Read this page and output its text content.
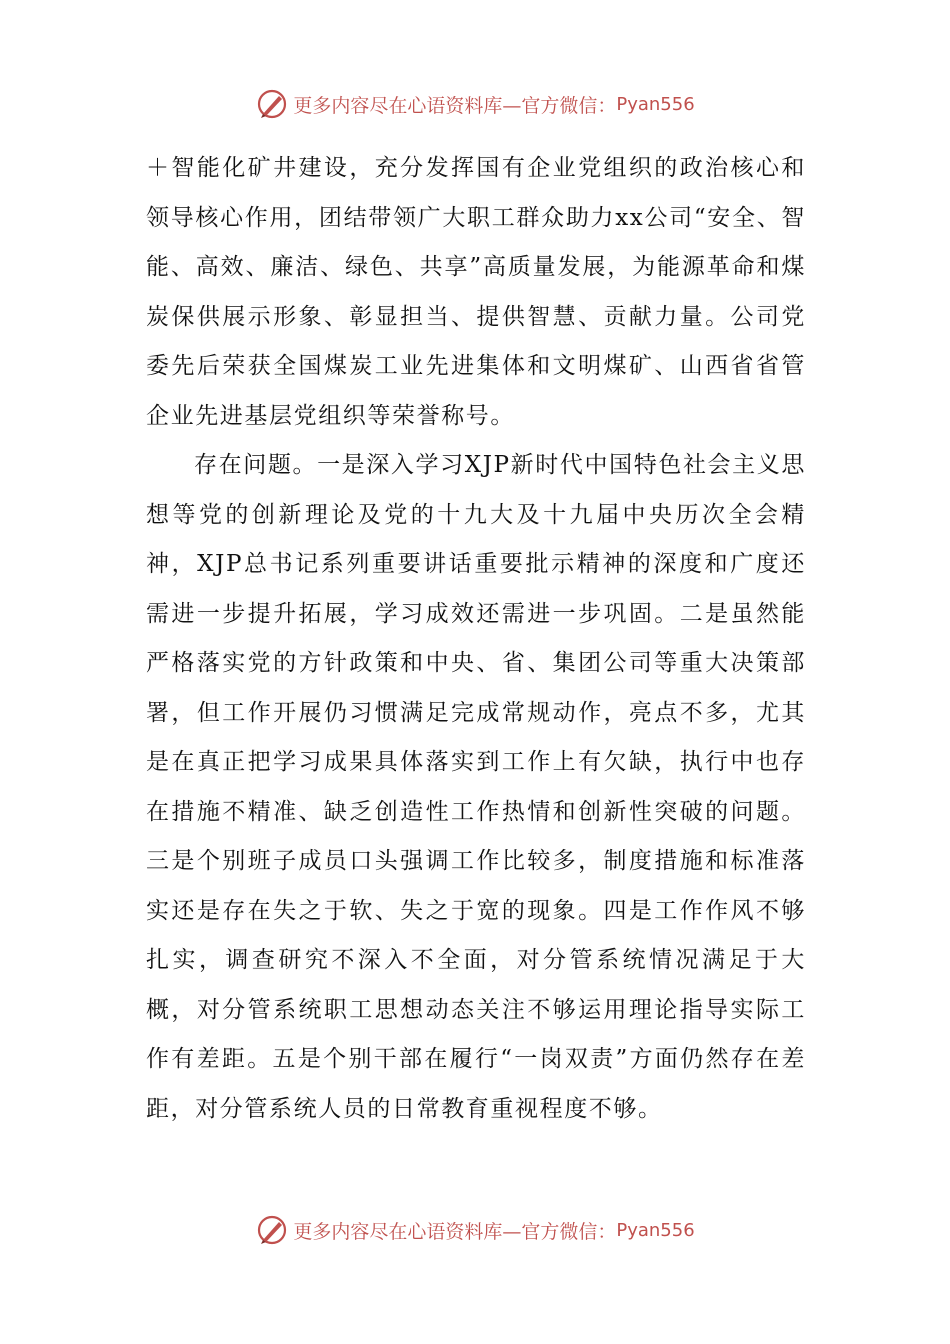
更多内容尽在心语资料库—官方微信： Pyan556

＋智能化矿井建设，充分发挥国有企业党组织的政治核心和领导核心作用，团结带领广大职工群众助力xx公司“安全、智能、高效、廉洁、绿色、共享”高质量发展，为能源革命和煤炭保供展示形象、彰显担当、提供智慧、贡献力量。公司党委先后荣获全国煤炭工业先进集体和文明煤矿、山西省省管企业先进基层党组织等荣誉称号。

存在问题。一是深入学习XJP新时代中国特色社会主义思想等党的创新理论及党的十九大及十九届中央历次全会精神，XJP总书记系列重要讲话重要批示精神的深度和广度还需进一步提升拓展，学习成效还需进一步巩固。二是虽然能严格落实党的方针政策和中央、省、集团公司等重大决策部署，但工作开展仍习惯满足完成常规动作，亮点不多，尤其是在真正把学习成果具体落实到工作上有欠缺，执行中也存在措施不精准、缺乏创造性工作热情和创新性突破的问题。三是个别班子成员口头强调工作比较多，制度措施和标准落实还是存在失之于软、失之于宽的现象。四是工作作风不够扎实，调查研究不深入不全面，对分管系统情况满足于大概，对分管系统职工思想动态关注不够运用理论指导实际工作有差距。五是个别干部在履行“一岗双责”方面仍然存在差距，对分管系统人员的日常教育重视程度不够。

更多内容尽在心语资料库—官方微信： Pyan556
